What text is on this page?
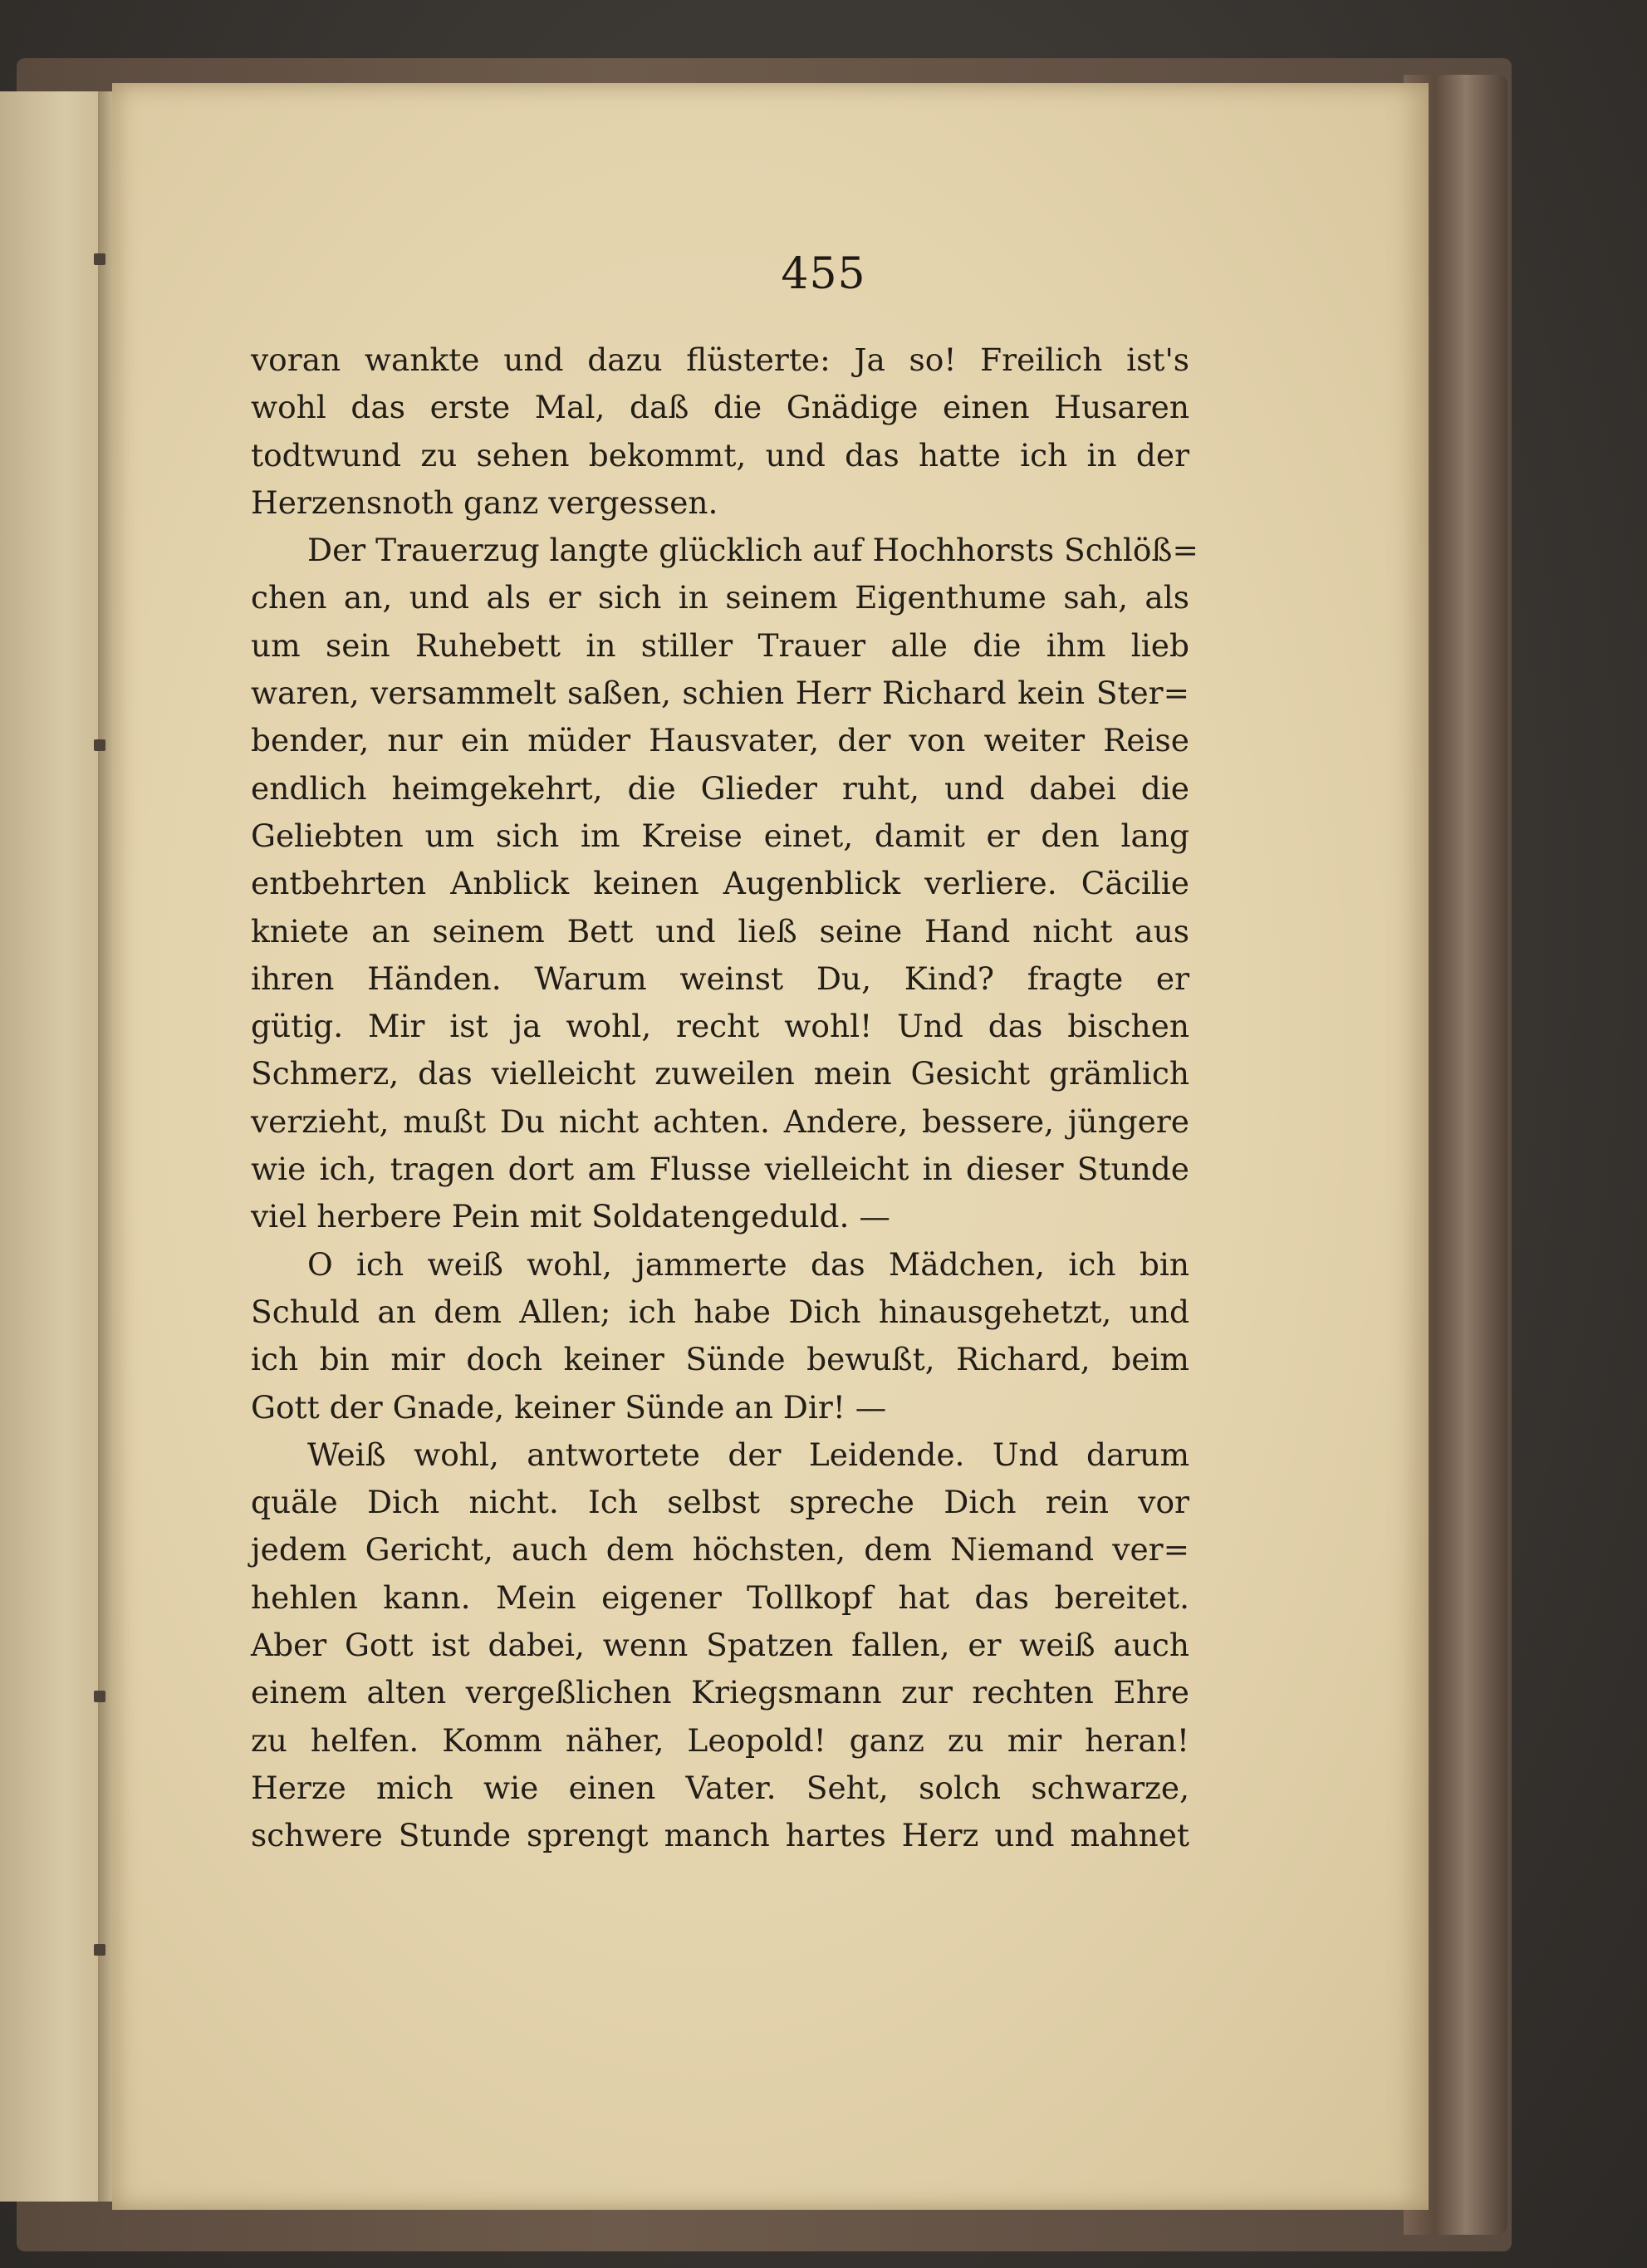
455
voran wankte und dazu flüsterte: Ja so! Freilich ist's
wohl das erste Mal, daß die Gnädige einen Husaren
todtwund zu sehen bekommt, und das hatte ich in der
Herzensnoth ganz vergessen.
Der Trauerzug langte glücklich auf Hochhorsts Schlöß=
chen an, und als er sich in seinem Eigenthume sah, als
um sein Ruhebett in stiller Trauer alle die ihm lieb
waren, versammelt saßen, schien Herr Richard kein Ster=
bender, nur ein müder Hausvater, der von weiter Reise
endlich heimgekehrt, die Glieder ruht, und dabei die
Geliebten um sich im Kreise einet, damit er den lang
entbehrten Anblick keinen Augenblick verliere. Cäcilie
kniete an seinem Bett und ließ seine Hand nicht aus
ihren Händen. Warum weinst Du, Kind? fragte er
gütig. Mir ist ja wohl, recht wohl! Und das bischen
Schmerz, das vielleicht zuweilen mein Gesicht grämlich
verzieht, mußt Du nicht achten. Andere, bessere, jüngere
wie ich, tragen dort am Flusse vielleicht in dieser Stunde
viel herbere Pein mit Soldatengeduld. —
O ich weiß wohl, jammerte das Mädchen, ich bin
Schuld an dem Allen; ich habe Dich hinausgehetzt, und
ich bin mir doch keiner Sünde bewußt, Richard, beim
Gott der Gnade, keiner Sünde an Dir! —
Weiß wohl, antwortete der Leidende. Und darum
quäle Dich nicht. Ich selbst spreche Dich rein vor
jedem Gericht, auch dem höchsten, dem Niemand ver=
hehlen kann. Mein eigener Tollkopf hat das bereitet.
Aber Gott ist dabei, wenn Spatzen fallen, er weiß auch
einem alten vergeßlichen Kriegsmann zur rechten Ehre
zu helfen. Komm näher, Leopold! ganz zu mir heran!
Herze mich wie einen Vater. Seht, solch schwarze,
schwere Stunde sprengt manch hartes Herz und mahnet
